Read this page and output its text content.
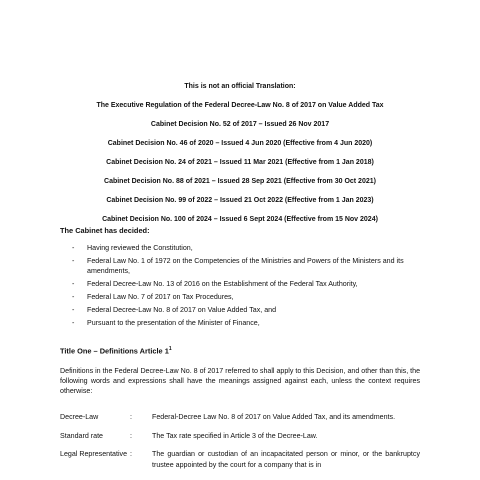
This is not an official Translation:
The Executive Regulation of the Federal Decree-Law No. 8 of 2017 on Value Added Tax
Cabinet Decision No. 52 of 2017 – Issued 26 Nov 2017
Cabinet Decision No. 46 of 2020 – Issued 4 Jun 2020 (Effective from 4 Jun 2020)
Cabinet Decision No. 24 of 2021 – Issued 11 Mar 2021 (Effective from 1 Jan 2018)
Cabinet Decision No. 88 of 2021 – Issued 28 Sep 2021 (Effective from 30 Oct 2021)
Cabinet Decision No. 99 of 2022 – Issued 21 Oct 2022 (Effective from 1 Jan 2023)
Cabinet Decision No. 100 of 2024 – Issued 6 Sept 2024 (Effective from 15 Nov 2024)
The Cabinet has decided:
- Having reviewed the Constitution,
- Federal Law No. 1 of 1972 on the Competencies of the Ministries and Powers of the Ministers and its amendments,
- Federal Decree-Law No. 13 of 2016 on the Establishment of the Federal Tax Authority,
- Federal Law No. 7 of 2017 on Tax Procedures,
- Federal Decree-Law No. 8 of 2017 on Value Added Tax, and
- Pursuant to the presentation of the Minister of Finance,
Title One – Definitions Article $1^1$

Definitions in the Federal Decree-Law No. 8 of 2017 referred to shall apply to this Decision, and other than this, the following words and expressions shall have the meanings assigned against each, unless the context requires otherwise:

Decree-Law	:	Federal-Decree Law No. 8 of 2017 on Value Added Tax, and its amendments.
Standard rate	:	The Tax rate specified in Article 3 of the Decree-Law.
Legal Representative :	The guardian or custodian of an incapacitated person or minor, or the bankruptcy trustee appointed by the court for a company that is in
